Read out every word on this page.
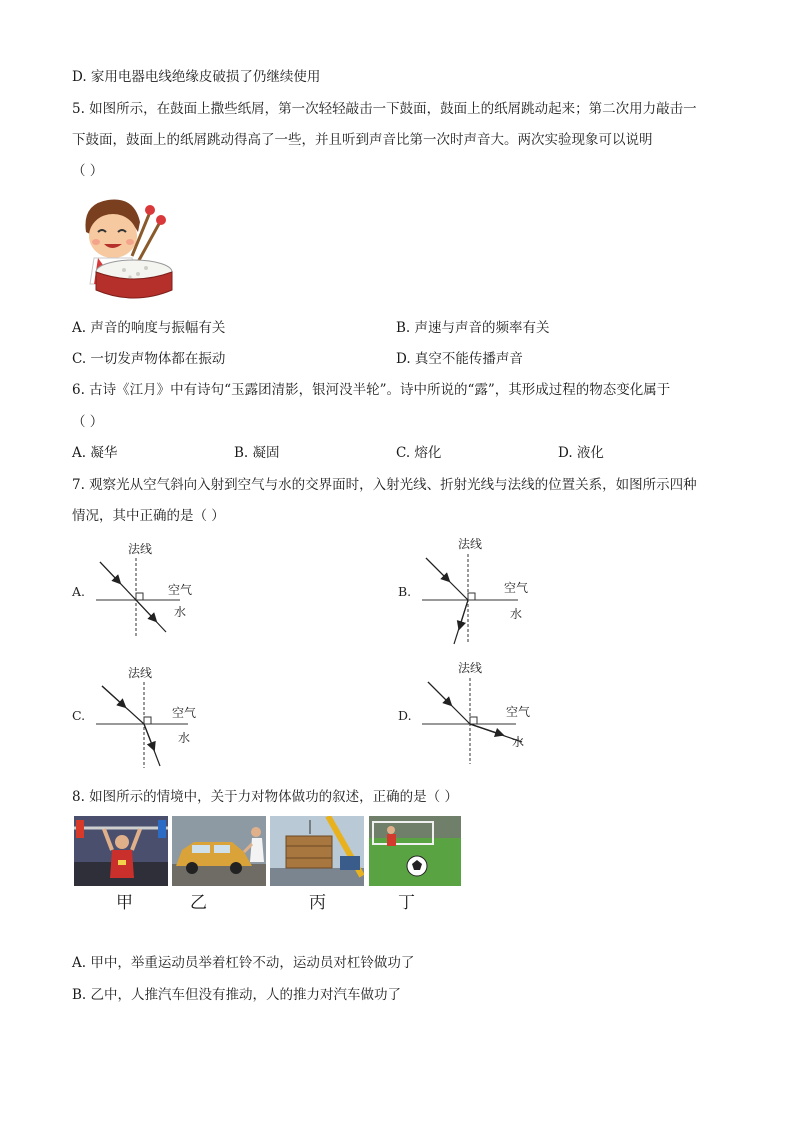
D. 家用电器电线绝缘皮破损了仍继续使用
5. 如图所示，在鼓面上撒些纸屑，第一次轻轻敲击一下鼓面，鼓面上的纸屑跳动起来；第二次用力敲击一
下鼓面，鼓面上的纸屑跳动得高了一些，并且听到声音比第一次时声音大。两次实验现象可以说明
（ ）
A. 声音的响度与振幅有关	B. 声速与声音的频率有关
C. 一切发声物体都在振动	D. 真空不能传播声音
6. 古诗《江月》中有诗句“玉露团清影，银河没半轮”。诗中所说的“露”，其形成过程的物态变化属于
（ ）
A. 凝华	B. 凝固	C. 熔化	D. 液化
7. 观察光从空气斜向入射到空气与水的交界面时，入射光线、折射光线与法线的位置关系，如图所示四种
情况，其中正确的是（ ）
A.
法线
空气
水
B.
法线
空气
水
C.
法线
空气
水
D.
法线
空气
水
8. 如图所示的情境中，关于力对物体做功的叙述，正确的是（ ）
甲	乙	丙	丁
A. 甲中，举重运动员举着杠铃不动，运动员对杠铃做功了
B. 乙中，人推汽车但没有推动，人的推力对汽车做功了
